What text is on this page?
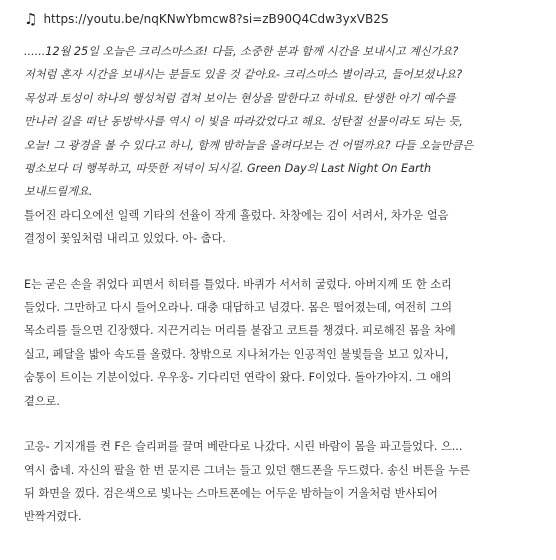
♫ https://youtu.be/nqKNwYbmcw8?si=zB90Q4Cdw3yxVB2S

......12월 25일 오늘은 크리스마스죠! 다들, 소중한 분과 함께 시간을 보내시고 계신가요?
저처럼 혼자 시간을 보내시는 분들도 있을 것 같아요- 크리스마스 별이라고, 들어보셨나요?
목성과 토성이 하나의 행성처럼 겹쳐 보이는 현상을 말한다고 하네요. 탄생한 아기 예수를
만나러 길을 떠난 동방박사를 역시 이 빛을 따라갔었다고 해요. 성탄절 선물이라도 되는 듯,
오늘! 그 광경을 볼 수 있다고 하니, 함께 밤하늘을 올려다보는 건 어떨까요? 다들 오늘만큼은
평소보다 더 행복하고, 따뜻한 저녁이 되시길. Green Day의 Last Night On Earth
보내드릴게요.

틀어진 라디오에선 일렉 기타의 선율이 작게 흘렀다. 차창에는 김이 서려서, 차가운 얼음
결정이 꽃잎처럼 내리고 있었다. 아- 춥다.

E는 굳은 손을 쥐었다 피면서 히터를 틀었다. 바퀴가 서서히 굴렀다. 아버지께 또 한 소리
들었다. 그만하고 다시 들어오라나. 대충 대답하고 넘겼다. 몸은 떨어졌는데, 여전히 그의
목소리를 들으면 긴장했다. 지끈거리는 머리를 붙잡고 코트를 챙겼다. 피로해진 몸을 차에
실고, 페달을 밟아 속도를 올렸다. 창밖으로 지나쳐가는 인공적인 불빛들을 보고 있자니,
숨통이 트이는 기분이었다. 우우웅- 기다리던 연락이 왔다. F이었다. 돌아가야지. 그 애의
곁으로.

고응- 기지개를 켠 F은 슬리퍼를 끌며 베란다로 나갔다. 시린 바람이 몸을 파고들었다. 으...
역시 춥네. 자신의 팔을 한 번 문지른 그녀는 들고 있던 핸드폰을 두드렸다. 송신 버튼을 누른
뒤 화면을 껐다. 검은색으로 빛나는 스마트폰에는 어두운 밤하늘이 거울처럼 반사되어
반짝거렸다.
